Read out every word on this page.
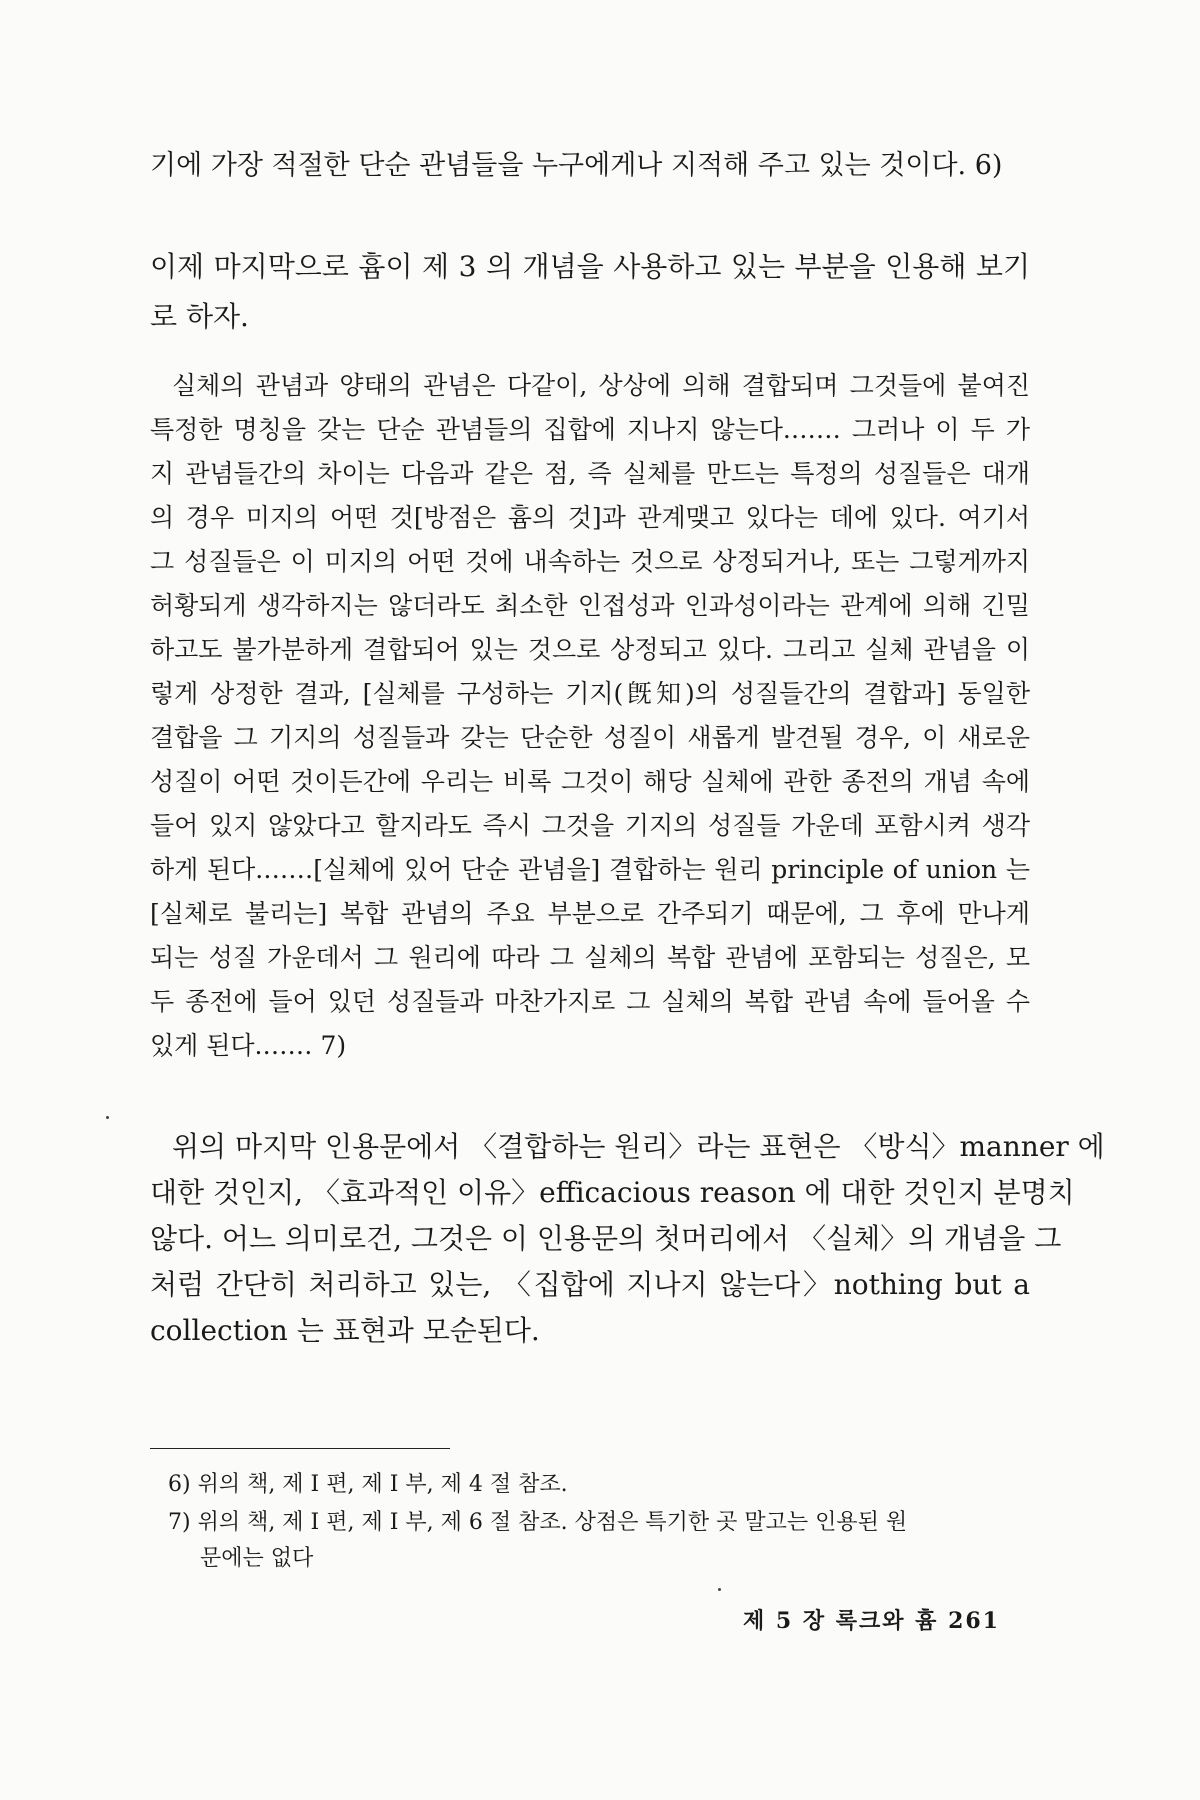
기에 가장 적절한 단순 관념들을 누구에게나 지적해 주고 있는 것이다. 6)
이제 마지막으로 흄이 제 3 의 개념을 사용하고 있는 부분을 인용해 보기
로 하자.
실체의 관념과 양태의 관념은 다같이, 상상에 의해 결합되며 그것들에 붙여진
특정한 명칭을 갖는 단순 관념들의 집합에 지나지 않는다.…… 그러나 이 두 가
지 관념들간의 차이는 다음과 같은 점, 즉 실체를 만드는 특정의 성질들은 대개
의 경우 미지의 어떤 것[방점은 흄의 것]과 관계맺고 있다는 데에 있다. 여기서
그 성질들은 이 미지의 어떤 것에 내속하는 것으로 상정되거나, 또는 그렇게까지
허황되게 생각하지는 않더라도 최소한 인접성과 인과성이라는 관계에 의해 긴밀
하고도 불가분하게 결합되어 있는 것으로 상정되고 있다. 그리고 실체 관념을 이
렇게 상정한 결과, [실체를 구성하는 기지(旣知)의 성질들간의 결합과] 동일한
결합을 그 기지의 성질들과 갖는 단순한 성질이 새롭게 발견될 경우, 이 새로운
성질이 어떤 것이든간에 우리는 비록 그것이 해당 실체에 관한 종전의 개념 속에
들어 있지 않았다고 할지라도 즉시 그것을 기지의 성질들 가운데 포함시켜 생각
하게 된다.……[실체에 있어 단순 관념을] 결합하는 원리 principle of union 는
[실체로 불리는] 복합 관념의 주요 부분으로 간주되기 때문에, 그 후에 만나게
되는 성질 가운데서 그 원리에 따라 그 실체의 복합 관념에 포함되는 성질은, 모
두 종전에 들어 있던 성질들과 마찬가지로 그 실체의 복합 관념 속에 들어올 수
있게 된다.…… 7)
위의 마지막 인용문에서 〈결합하는 원리〉라는 표현은 〈방식〉manner 에
대한 것인지, 〈효과적인 이유〉efficacious reason 에 대한 것인지 분명치
않다. 어느 의미로건, 그것은 이 인용문의 첫머리에서 〈실체〉의 개념을 그
처럼 간단히 처리하고 있는, 〈집합에 지나지 않는다〉nothing but a
collection 는 표현과 모순된다.
6) 위의 책, 제 I 편, 제 I 부, 제 4 절 참조.
7) 위의 책, 제 I 편, 제 I 부, 제 6 절 참조. 상점은 특기한 곳 말고는 인용된 원
문에는 없다
제 5 장 록크와 흄 261
